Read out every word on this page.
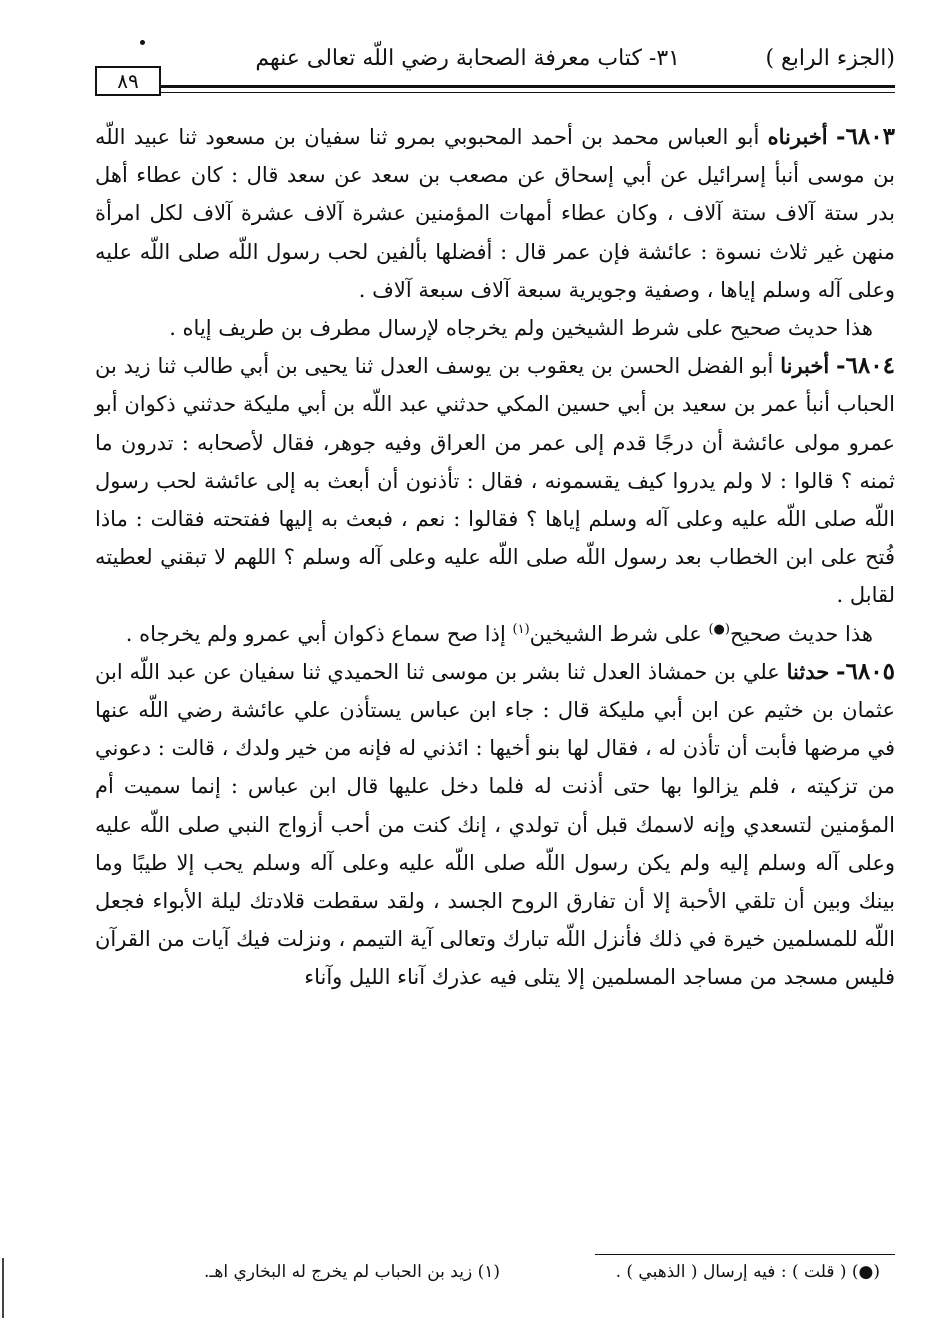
(الجزء الرابع )
٣١- كتاب معرفة الصحابة رضي اللّه تعالى عنهم
٨٩

٦٨٠٣- أخبرناه أبو العباس محمد بن أحمد المحبوبي بمرو ثنا سفيان بن مسعود ثنا عبيد اللّه بن موسى أنبأ إسرائيل عن أبي إسحاق عن مصعب بن سعد عن سعد قال : كان عطاء أهل بدر ستة آلاف ستة آلاف ، وكان عطاء أمهات المؤمنين عشرة آلاف عشرة آلاف لكل امرأة منهن غير ثلاث نسوة : عائشة فإن عمر قال : أفضلها بألفين لحب رسول اللّه صلى اللّه عليه وعلى آله وسلم إياها ، وصفية وجويرية سبعة آلاف سبعة آلاف .

هذا حديث صحيح على شرط الشيخين ولم يخرجاه لإرسال مطرف بن طريف إياه .

٦٨٠٤- أخبرنا أبو الفضل الحسن بن يعقوب بن يوسف العدل ثنا يحيى بن أبي طالب ثنا زيد بن الحباب أنبأ عمر بن سعيد بن أبي حسين المكي حدثني عبد اللّه بن أبي مليكة حدثني ذكوان أبو عمرو مولى عائشة أن درجًا قدم إلى عمر من العراق وفيه جوهر، فقال لأصحابه : تدرون ما ثمنه ؟ قالوا : لا ولم يدروا كيف يقسمونه ، فقال : تأذنون أن أبعث به إلى عائشة لحب رسول اللّه صلى اللّه عليه وعلى آله وسلم إياها ؟ فقالوا : نعم ، فبعث به إليها ففتحته فقالت : ماذا فُتح على ابن الخطاب بعد رسول اللّه صلى اللّه عليه وعلى آله وسلم ؟ اللهم لا تبقني لعطيته لقابل .

هذا حديث صحيح(●) على شرط الشيخين$^{(١)}$ إذا صح سماع ذكوان أبي عمرو ولم يخرجاه .

٦٨٠٥- حدثنا علي بن حمشاذ العدل ثنا بشر بن موسى ثنا الحميدي ثنا سفيان عن عبد اللّه ابن عثمان بن خثيم عن ابن أبي مليكة قال : جاء ابن عباس يستأذن علي عائشة رضي اللّه عنها في مرضها فأبت أن تأذن له ، فقال لها بنو أخيها : ائذني له فإنه من خير ولدك ، قالت : دعوني من تزكيته ، فلم يزالوا بها حتى أذنت له فلما دخل عليها قال ابن عباس : إنما سميت أم المؤمنين لتسعدي وإنه لاسمك قبل أن تولدي ، إنك كنت من أحب أزواج النبي صلى اللّه عليه وعلى آله وسلم إليه ولم يكن رسول اللّه صلى اللّه عليه وعلى آله وسلم يحب إلا طيبًا وما بينك وبين أن تلقي الأحبة إلا أن تفارق الروح الجسد ، ولقد سقطت قلادتك ليلة الأبواء فجعل اللّه للمسلمين خيرة في ذلك فأنزل اللّه تبارك وتعالى آية التيمم ، ونزلت فيك آيات من القرآن فليس مسجد من مساجد المسلمين إلا يتلى فيه عذرك آناء الليل وآناء

(●) ( قلت ) : فيه إرسال ( الذهبي ) .
(١) زيد بن الحباب لم يخرج له البخاري اهـ.
